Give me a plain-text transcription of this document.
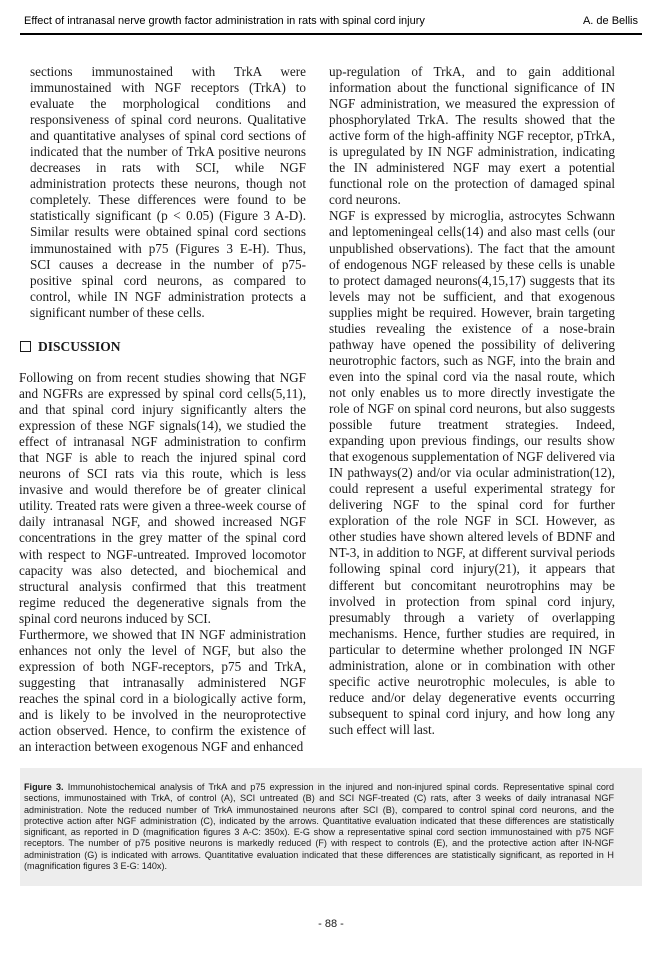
Effect of intranasal nerve growth factor administration in rats with spinal cord injury	A. de Bellis

sections immunostained with TrkA were immunostained with NGF receptors (TrkA) to evaluate the morphological conditions and responsiveness of spinal cord neurons. Qualitative and quantitative analyses of spinal cord sections of indicated that the number of TrkA positive neurons decreases in rats with SCI, while NGF administration protects these neurons, though not completely. These differences were found to be statistically significant (p < 0.05) (Figure 3 A-D). Similar results were obtained spinal cord sections immunostained with p75 (Figures 3 E-H). Thus, SCI causes a decrease in the number of p75-positive spinal cord neurons, as compared to control, while IN NGF administration protects a significant number of these cells.

DISCUSSION

Following on from recent studies showing that NGF and NGFRs are expressed by spinal cord cells(5,11), and that spinal cord injury significantly alters the expression of these NGF signals(14), we studied the effect of intranasal NGF administration to confirm that NGF is able to reach the injured spinal cord neurons of SCI rats via this route, which is less invasive and would therefore be of greater clinical utility. Treated rats were given a three-week course of daily intranasal NGF, and showed increased NGF concentrations in the grey matter of the spinal cord with respect to NGF-untreated. Improved locomotor capacity was also detected, and biochemical and structural analysis confirmed that this treatment regime reduced the degenerative signals from the spinal cord neurons induced by SCI.

Furthermore, we showed that IN NGF administration enhances not only the level of NGF, but also the expression of both NGF-receptors, p75 and TrkA, suggesting that intranasally administered NGF reaches the spinal cord in a biologically active form, and is likely to be involved in the neuroprotective action observed. Hence, to confirm the existence of an interaction between exogenous NGF and enhanced

up-regulation of TrkA, and to gain additional information about the functional significance of IN NGF administration, we measured the expression of phosphorylated TrkA. The results showed that the active form of the high-affinity NGF receptor, pTrkA, is upregulated by IN NGF administration, indicating the IN administered NGF may exert a potential functional role on the protection of damaged spinal cord neurons.

NGF is expressed by microglia, astrocytes Schwann and leptomeningeal cells(14) and also mast cells (our unpublished observations). The fact that the amount of endogenous NGF released by these cells is unable to protect damaged neurons(4,15,17) suggests that its levels may not be sufficient, and that exogenous supplies might be required. However, brain targeting studies revealing the existence of a nose-brain pathway have opened the possibility of delivering neurotrophic factors, such as NGF, into the brain and even into the spinal cord via the nasal route, which not only enables us to more directly investigate the role of NGF on spinal cord neurons, but also suggests possible future treatment strategies. Indeed, expanding upon previous findings, our results show that exogenous supplementation of NGF delivered via IN pathways(2) and/or via ocular administration(12), could represent a useful experimental strategy for delivering NGF to the spinal cord for further exploration of the role NGF in SCI. However, as other studies have shown altered levels of BDNF and NT-3, in addition to NGF, at different survival periods following spinal cord injury(21), it appears that different but concomitant neurotrophins may be involved in protection from spinal cord injury, presumably through a variety of overlapping mechanisms. Hence, further studies are required, in particular to determine whether prolonged IN NGF administration, alone or in combination with other specific active neurotrophic molecules, is able to reduce and/or delay degenerative events occurring subsequent to spinal cord injury, and how long any such effect will last.

Figure 3. Immunohistochemical analysis of TrkA and p75 expression in the injured and non-injured spinal cords. Representative spinal cord sections, immunostained with TrkA, of control (A), SCI untreated (B) and SCI NGF-treated (C) rats, after 3 weeks of daily intranasal NGF administration. Note the reduced number of TrkA immunostained neurons after SCI (B), compared to control spinal cord neurons, and the protective action after NGF administration (C), indicated by the arrows. Quantitative evaluation indicated that these differences are statistically significant, as reported in D (magnification figures 3 A-C: 350x). E-G show a representative spinal cord section immunostained with p75 NGF receptors. The number of p75 positive neurons is markedly reduced (F) with respect to controls (E), and the protective action after IN-NGF administration (G) is indicated with arrows. Quantitative evaluation indicated that these differences are statistically significant, as reported in H (magnification figures 3 E-G: 140x).
- 88 -
